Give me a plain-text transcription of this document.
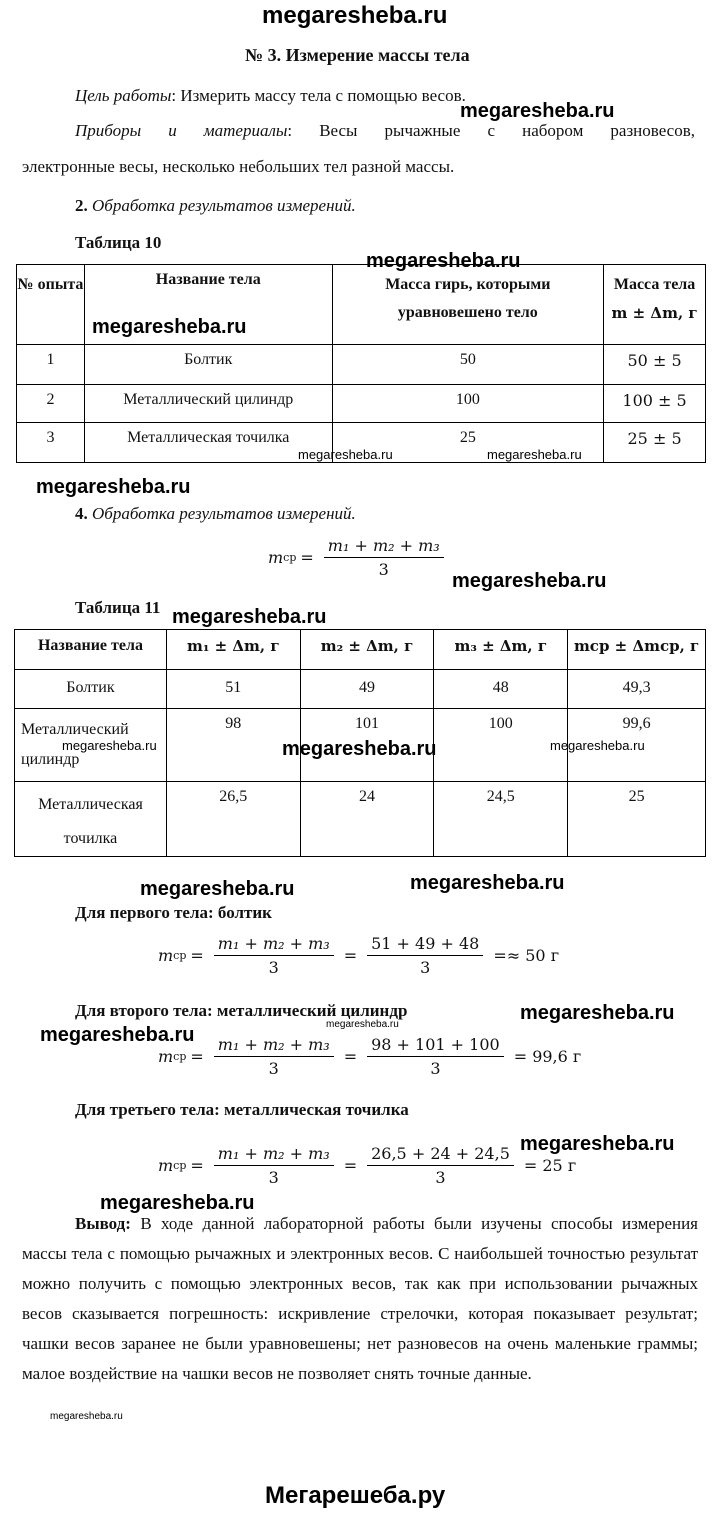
megaresheba.ru
№ 3. Измерение массы тела
Цель работы: Измерить массу тела с помощью весов.
megaresheba.ru
Приборы и материалы: Весы рычажные с набором разновесов,
электронные весы, несколько небольших тел разной массы.
2. Обработка результатов измерений.
Таблица 10
megaresheba.ru
№ опыта	Название тела	Масса гирь, которыми уравновешено тело	Масса тела
m ± Δm, г
1	Болтик	50	50 ± 5
2	Металлический цилиндр	100	100 ± 5
3	Металлическая точилка	25	25 ± 5
megaresheba.ru
megaresheba.ru	megaresheba.ru
megaresheba.ru
4. Обработка результатов измерений.
m ср = $\frac{\text{m₁ + m₂ + m₃}}{3}$
megaresheba.ru
Таблица 11 megaresheba.ru
Название тела	m₁ ± Δm, г	m₂ ± Δm, г	m₃ ± Δm, г	mср ± Δmср, г
Болтик	51	49	48	49,3
Металлический цилиндр	98	101	100	99,6
Металлическая точилка	26,5	24	24,5	25
megaresheba.ru	megaresheba.ru	megaresheba.ru
megaresheba.ru	megaresheba.ru
Для первого тела: болтик
m ср = $\frac{\text{m₁ + m₂ + m₃}}{3} = \frac{51 + 49 + 48}{3} =\approx 50$ г
Для второго тела: металлический цилиндр
megaresheba.ru
megaresheba.ru
megaresheba.ru
m ср = $\frac{\text{m₁ + m₂ + m₃}}{3} = \frac{98 + 101 + 100}{3} = 99,6$ г
Для третьего тела: металлическая точилка
megaresheba.ru
m ср = $\frac{\text{m₁ + m₂ + m₃}}{3} = \frac{26,5 + 24 + 24,5}{3} = 25$ г
megaresheba.ru
Вывод: В ходе данной лабораторной работы были изучены способы измерения массы тела с помощью рычажных и электронных весов. С наибольшей точностью результат можно получить с помощью электронных весов, так как при использовании рычажных весов сказывается погрешность: искривление стрелочки, которая показывает результат; чашки весов заранее не были уравновешены; нет разновесов на очень маленькие граммы; малое воздействие на чашки весов не позволяет снять точные данные.
megaresheba.ru
Мегарешеба.ру
